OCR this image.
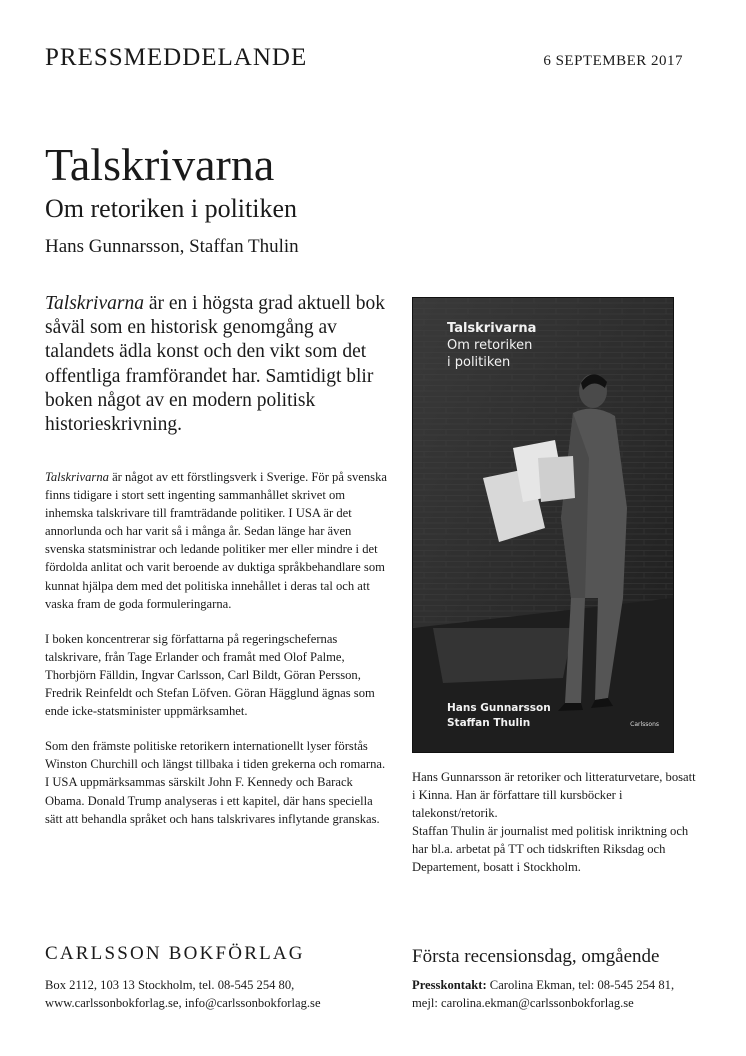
PRESSMEDDELANDE	6 SEPTEMBER 2017
Talskrivarna
Om retoriken i politiken
Hans Gunnarsson, Staffan Thulin
Talskrivarna är en i högsta grad aktuell bok såväl som en historisk genomgång av talandets ädla konst och den vikt som det offentliga framförandet har. Samtidigt blir boken något av en modern politisk historieskrivning.

Talskrivarna är något av ett förstlingsverk i Sverige. För på svenska finns tidigare i stort sett ingenting sammanhållet skrivet om inhemska talskrivare till framträdande politiker. I USA är det annorlunda och har varit så i många år. Sedan länge har även svenska statsministrar och ledande politiker mer eller mindre i det fördolda anlitat och varit beroende av duktiga språkbehandlare som kunnat hjälpa dem med det politiska innehållet i deras tal och att vaska fram de goda formuleringarna.

I boken koncentrerar sig författarna på regeringschefernas talskrivare, från Tage Erlander och framåt med Olof Palme, Thorbjörn Fälldin, Ingvar Carlsson, Carl Bildt, Göran Persson, Fredrik Reinfeldt och Stefan Löfven. Göran Hägglund ägnas som ende icke-statsminister uppmärksamhet.

Som den främste politiske retorikern internationellt lyser förstås Winston Churchill och längst tillbaka i tiden grekerna och romarna. I USA uppmärksammas särskilt John F. Kennedy och Barack Obama. Donald Trump analyseras i ett kapitel, där hans speciella sätt att behandla språket och hans talskrivares inflytande granskas.

Talskrivarna
Om retoriken
i politiken
Hans Gunnarsson
Staffan Thulin	Carlssons

Hans Gunnarsson är retoriker och litteraturvetare, bosatt i Kinna. Han är författare till kursböcker i talekonst/retorik.

Staffan Thulin är journalist med politisk inriktning och har bl.a. arbetat på TT och tidskriften Riksdag och Departement, bosatt i Stockholm.

CARLSSON BOKFÖRLAG
Box 2112, 103 13 Stockholm, tel. 08-545 254 80,
www.carlssonbokforlag.se, info@carlssonbokforlag.se
Första recensionsdag, omgående
Presskontakt: Carolina Ekman, tel: 08-545 254 81,
mejl: carolina.ekman@carlssonbokforlag.se
